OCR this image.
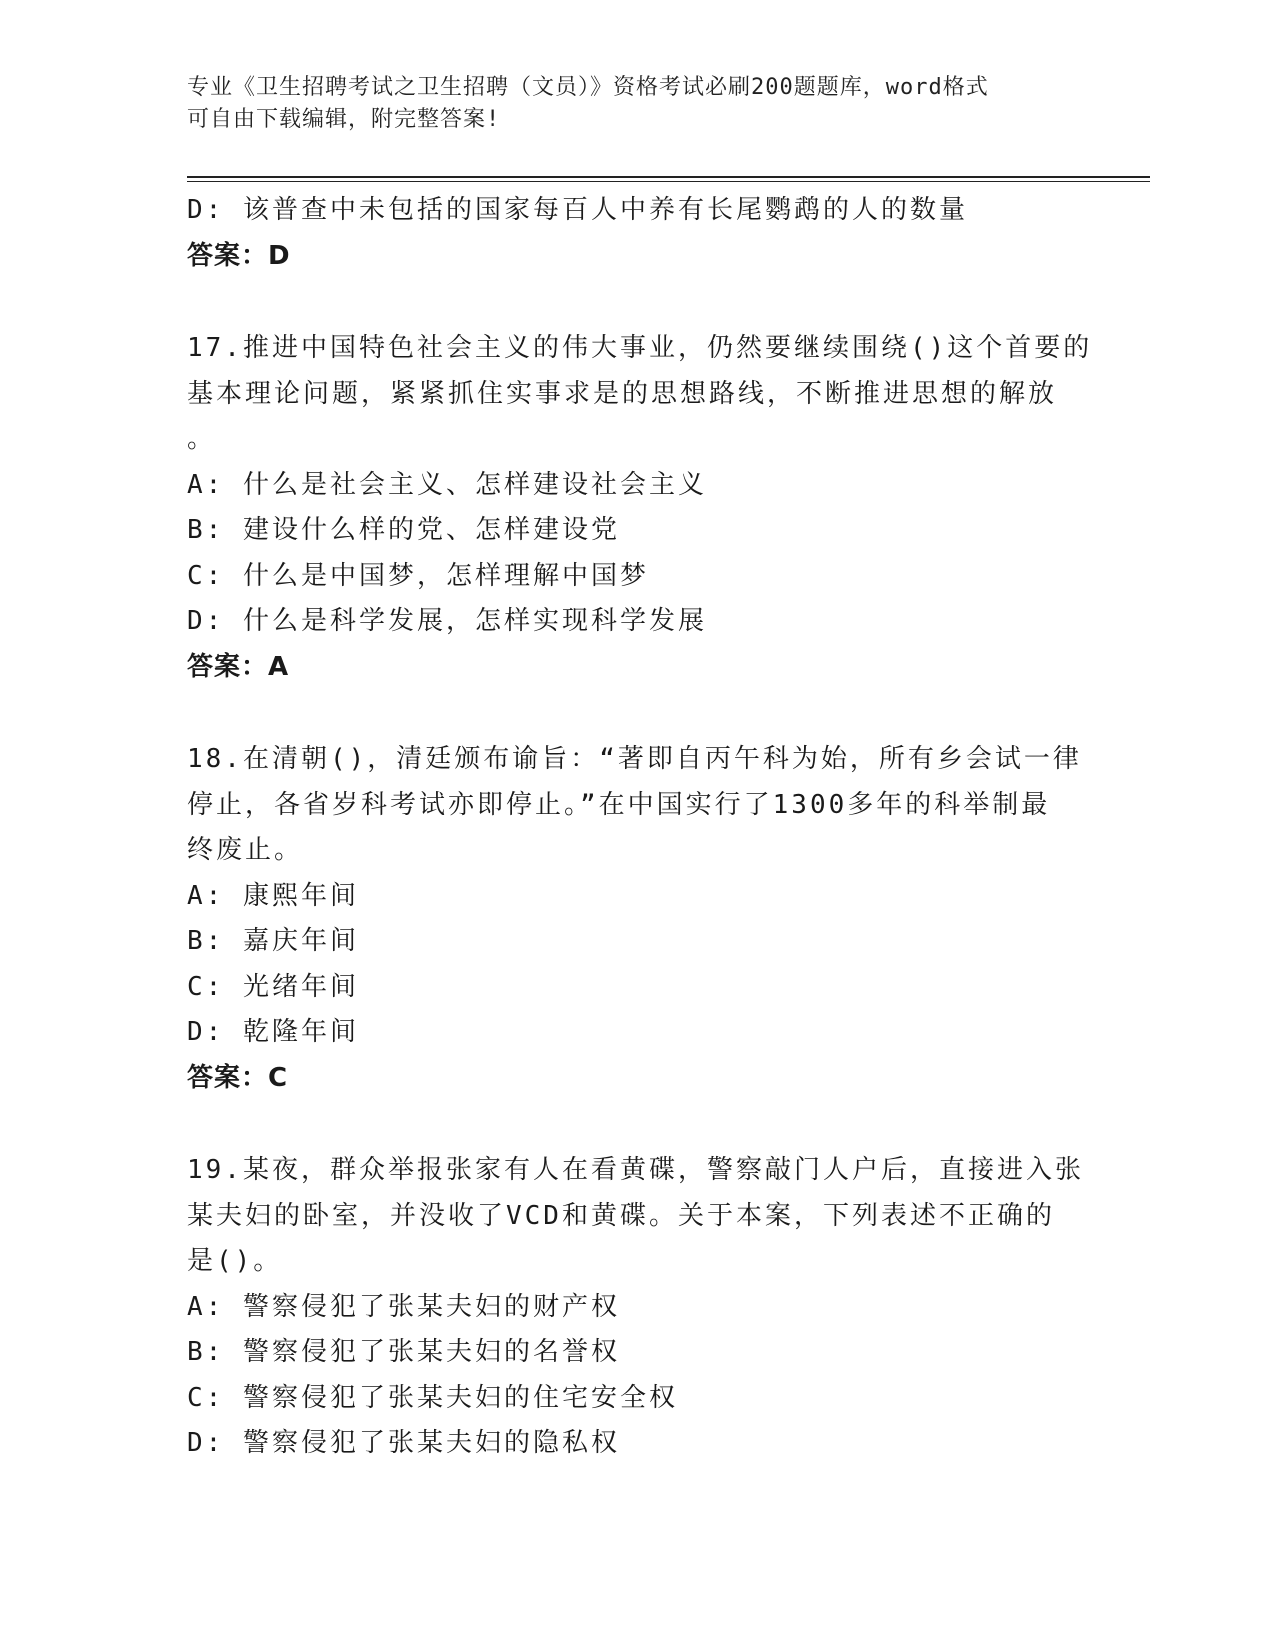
专业《卫生招聘考试之卫生招聘（文员）》资格考试必刷200题题库，word格式
可自由下载编辑，附完整答案!
D: 该普查中未包括的国家每百人中养有长尾鹦鹉的人的数量
答案：D
17.推进中国特色社会主义的伟大事业，仍然要继续围绕()这个首要的
基本理论问题，紧紧抓住实事求是的思想路线，不断推进思想的解放
。
A: 什么是社会主义、怎样建设社会主义
B: 建设什么样的党、怎样建设党
C: 什么是中国梦，怎样理解中国梦
D: 什么是科学发展，怎样实现科学发展
答案：A
18.在清朝()，清廷颁布谕旨：“著即自丙午科为始，所有乡会试一律
停止，各省岁科考试亦即停止。”在中国实行了1300多年的科举制最
终废止。
A: 康熙年间
B: 嘉庆年间
C: 光绪年间
D: 乾隆年间
答案：C
19.某夜，群众举报张家有人在看黄碟，警察敲门人户后，直接进入张
某夫妇的卧室，并没收了VCD和黄碟。关于本案，下列表述不正确的
是()。
A: 警察侵犯了张某夫妇的财产权
B: 警察侵犯了张某夫妇的名誉权
C: 警察侵犯了张某夫妇的住宅安全权
D: 警察侵犯了张某夫妇的隐私权
